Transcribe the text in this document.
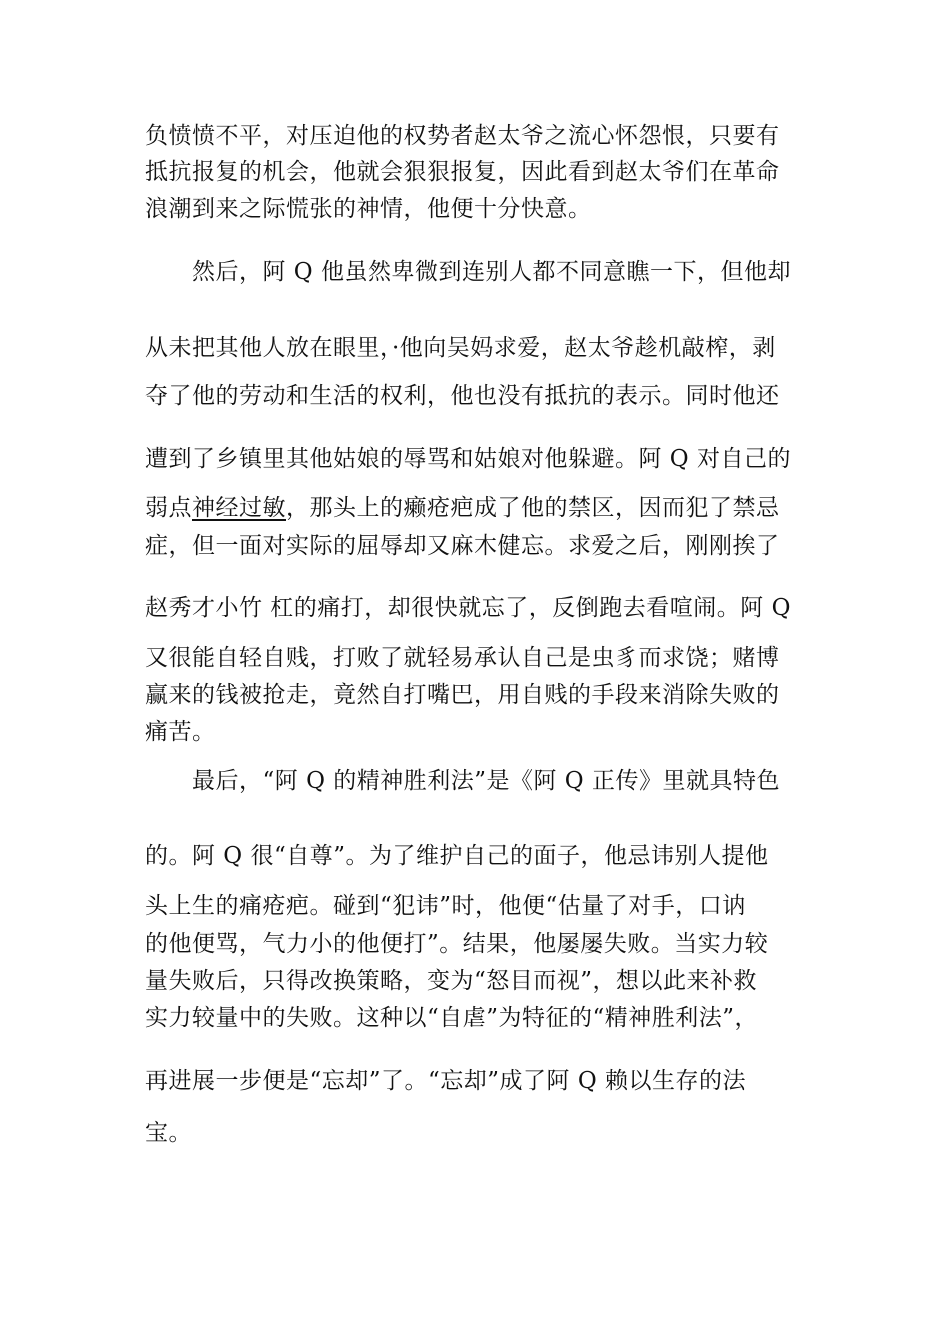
负愤愤不平，对压迫他的权势者赵太爷之流心怀怨恨，只要有
抵抗报复的机会，他就会狠狠报复，因此看到赵太爷们在革命
浪潮到来之际慌张的神情，他便十分快意。
然后，阿 Q 他虽然卑微到连别人都不同意瞧一下，但他却
从未把其他人放在眼里，·他向吴妈求爱，赵太爷趁机敲榨，剥
夺了他的劳动和生活的权利，他也没有抵抗的表示。同时他还
遭到了乡镇里其他姑娘的辱骂和姑娘对他躲避。阿 Q 对自己的
弱点神经过敏，那头上的癞疮疤成了他的禁区，因而犯了禁忌
症，但一面对实际的屈辱却又麻木健忘。求爱之后，刚刚挨了
赵秀才小竹 杠的痛打，却很快就忘了，反倒跑去看喧闹。阿 Q
又很能自轻自贱，打败了就轻易承认自己是虫豸而求饶；赌博
赢来的钱被抢走，竟然自打嘴巴，用自贱的手段来消除失败的
痛苦。
最后，“阿 Q 的精神胜利法”是《阿 Q 正传》里就具特色
的。阿 Q 很“自尊”。为了维护自己的面子，他忌讳别人提他
头上生的痛疮疤。碰到“犯讳”时，他便“估量了对手，口讷
的他便骂，气力小的他便打”。结果，他屡屡失败。当实力较
量失败后，只得改换策略，变为“怒目而视”，想以此来补救
实力较量中的失败。这种以“自虐”为特征的“精神胜利法”，
再进展一步便是“忘却”了。“忘却”成了阿 Q 赖以生存的法
宝。
